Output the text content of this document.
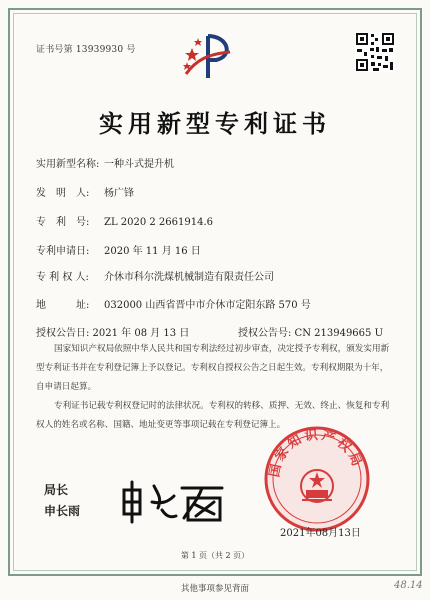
证书号第 13939930 号
实用新型专利证书
实用新型名称: 一种斗式提升机
发　明　人: 杨广锋
专　利　号: ZL 2020 2 2661914.6
专利申请日: 2020 年 11 月 16 日
专 利 权 人: 介休市科尔洗煤机械制造有限责任公司
地　　　址: 032000 山西省晋中市介休市定阳东路 570 号
授权公告日: 2021 年 08 月 13 日	授权公告号: CN 213949665 U
国家知识产权局依照中华人民共和国专利法经过初步审查，决定授予专利权，颁发实用新型专利证书并在专利登记簿上予以登记。专利权自授权公告之日起生效。专利权期限为十年，自申请日起算。
专利证书记载专利权登记时的法律状况。专利权的转移、质押、无效、终止、恢复和专利权人的姓名或名称、国籍、地址变更等事项记载在专利登记簿上。
局长
申长雨
国家知识产权局
2021年08月13日
第 1 页（共 2 页）
其他事项参见背面	48.14
